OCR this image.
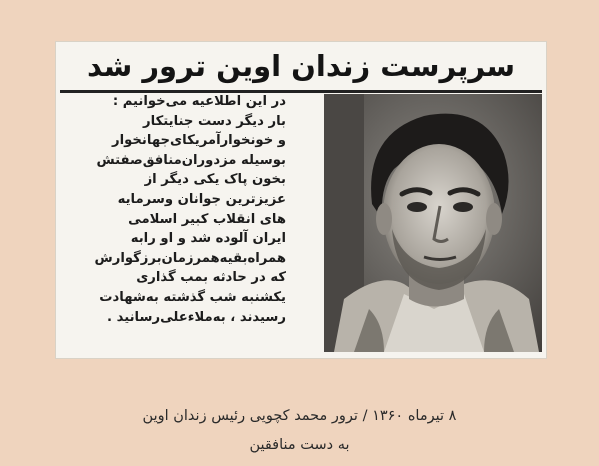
سرپرست زندان اوین ترور شد
در این اطلاعیه می‌خوانیم :
بار دیگر دست جنایتکار
و خونخوارآمریکای‌جهانخوار
بوسیله مزدوران‌منافق‌صفتش
بخون پاک یکی دیگر از
عزیزترین جوانان وسرمایه
های انقلاب کبیر اسلامی
ایران آلوده شد و او رابه
همراه‌بقیه‌همرزمان‌برزگوارش
که در حادثه بمب گذاری
یکشنبه شب گذشته به‌شهادت
رسیدند ، به‌ملاءعلی‌رسانید .
۸ تیرماه ۱۳۶۰ / ترور محمد کچویی رئیس زندان اوین
به دست منافقین
